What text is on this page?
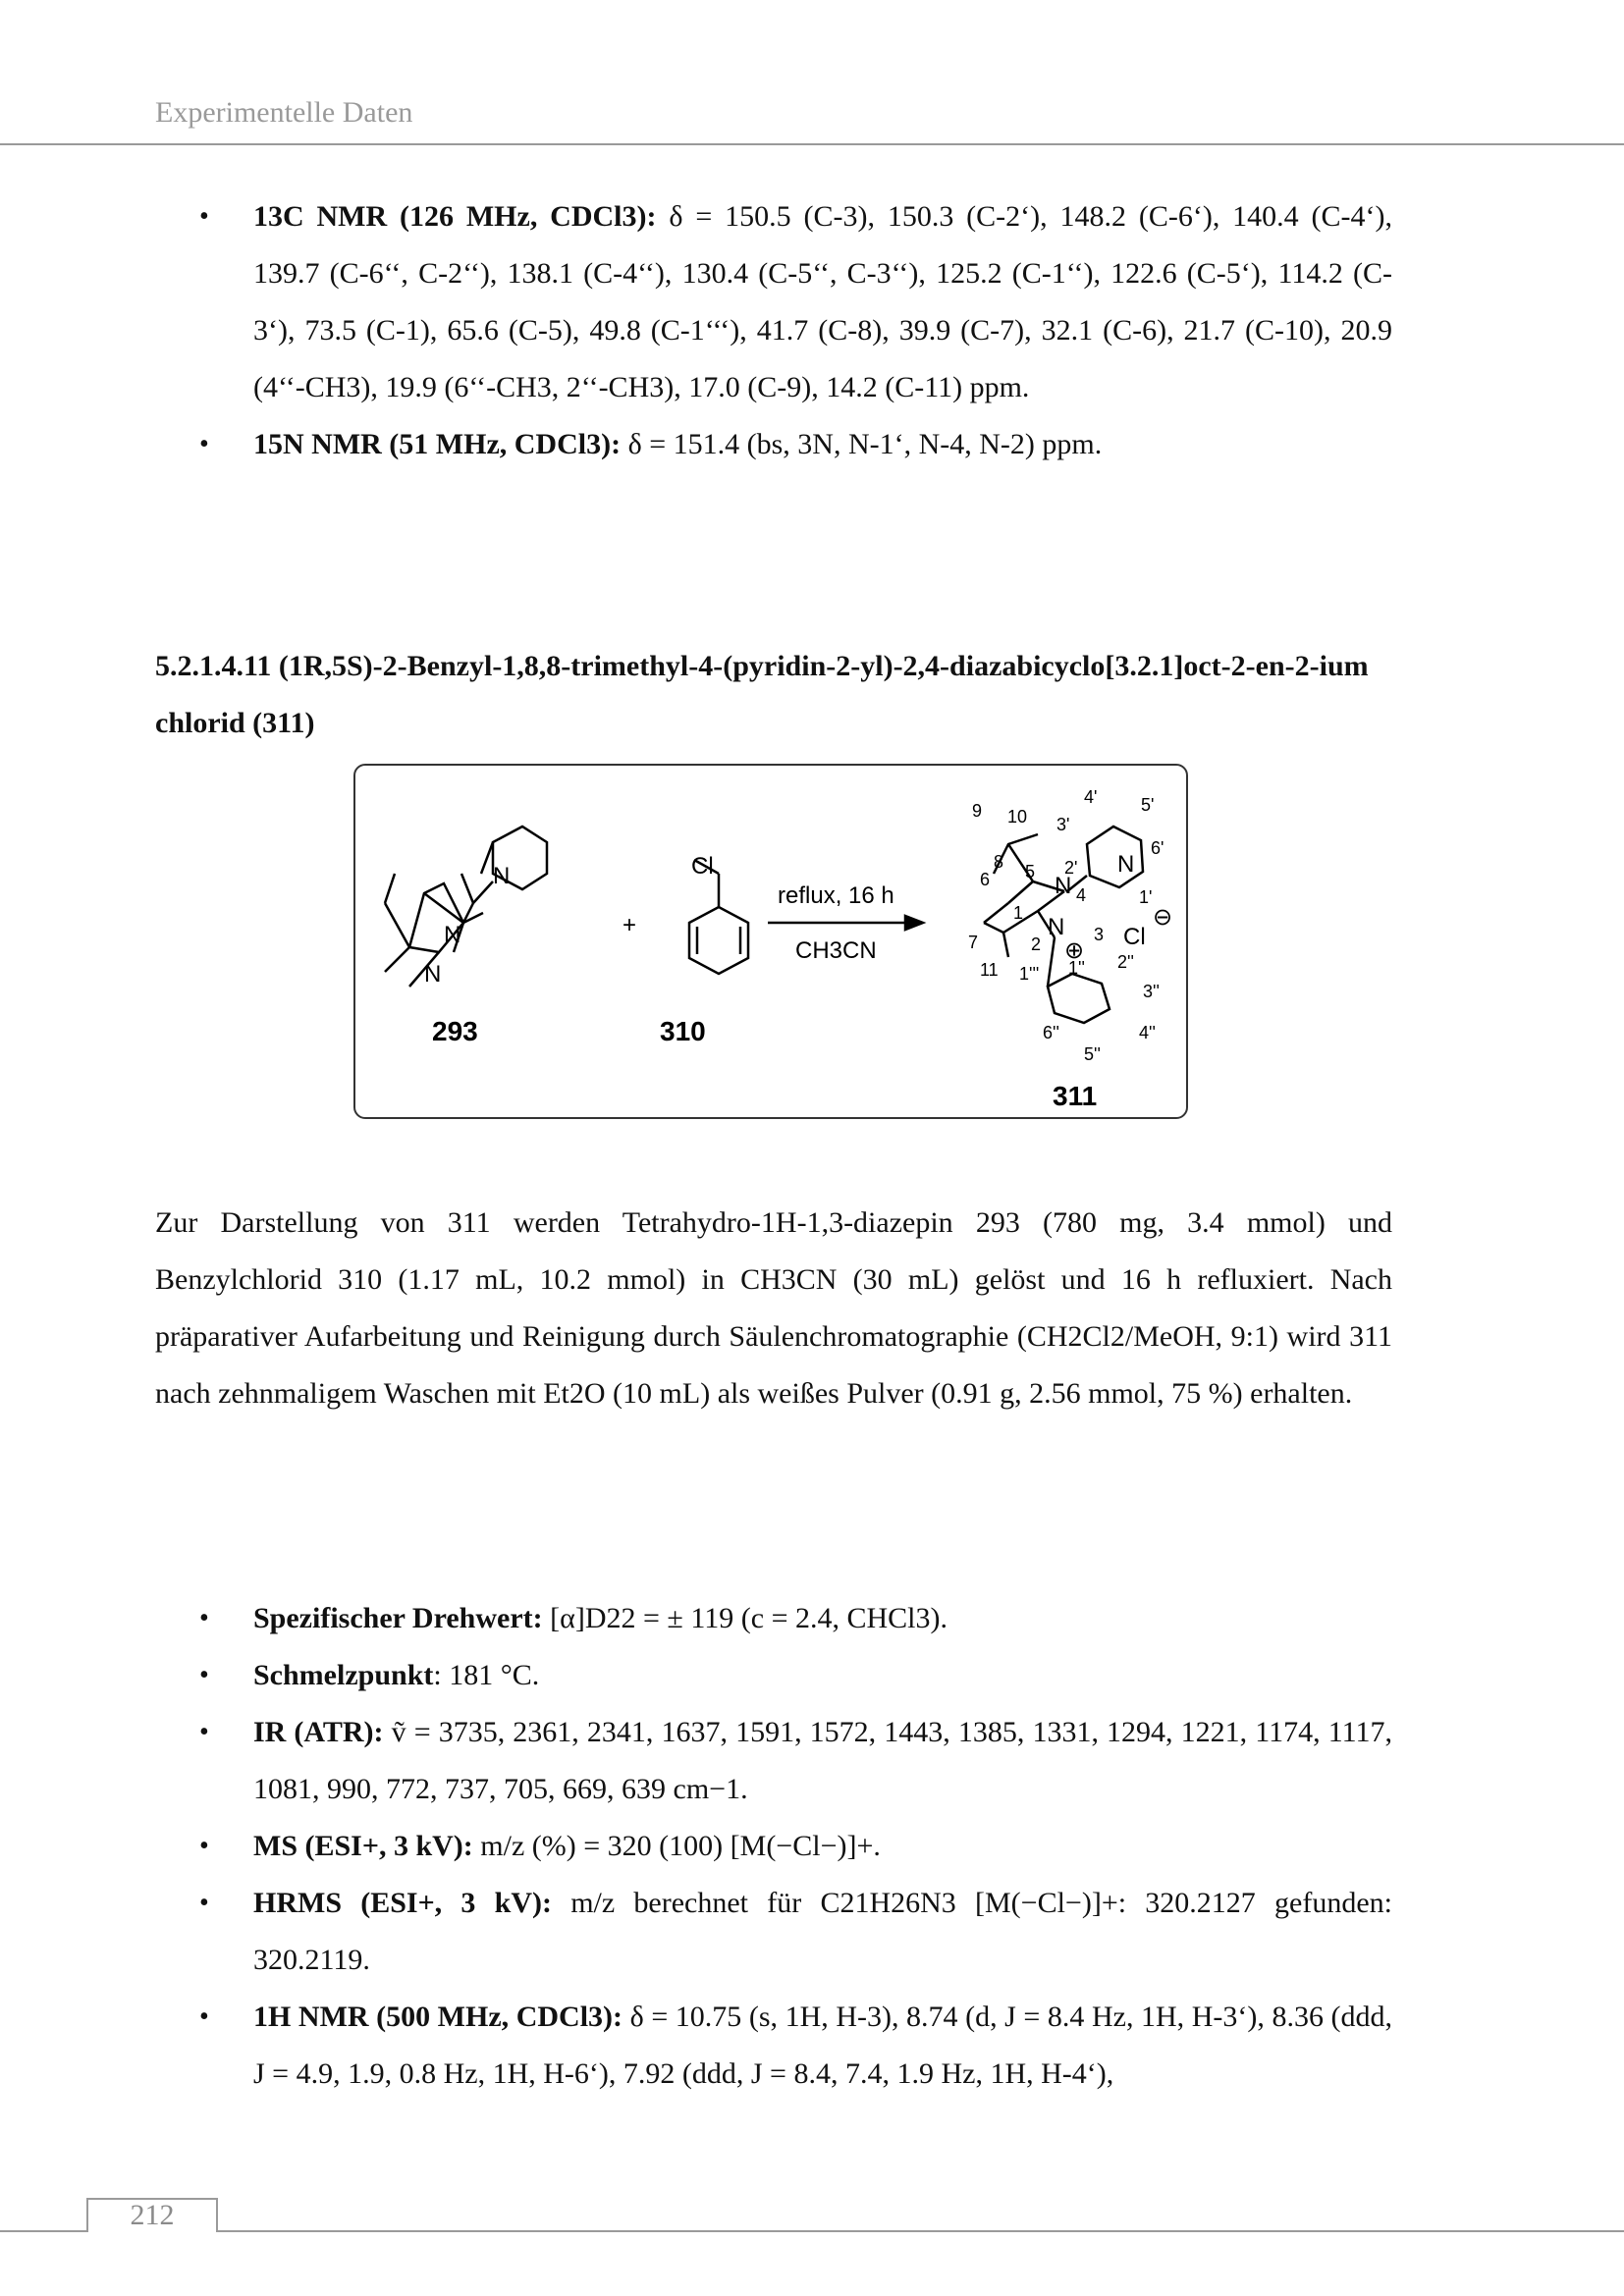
Experimentelle Daten
• 13C NMR (126 MHz, CDCl3): δ = 150.5 (C-3), 150.3 (C-2‘), 148.2 (C-6‘), 140.4 (C-4‘), 139.7 (C-6‘‘, C-2‘‘), 138.1 (C-4‘‘), 130.4 (C-5‘‘, C-3‘‘), 125.2 (C-1‘‘), 122.6 (C-5‘), 114.2 (C-3‘), 73.5 (C-1), 65.6 (C-5), 49.8 (C-1‘‘‘), 41.7 (C-8), 39.9 (C-7), 32.1 (C-6), 21.7 (C-10), 20.9 (4‘‘-CH3), 19.9 (6‘‘-CH3, 2‘‘-CH3), 17.0 (C-9), 14.2 (C-11) ppm.
• 15N NMR (51 MHz, CDCl3): δ = 151.4 (bs, 3N, N-1‘, N-4, N-2) ppm.
5.2.1.4.11 (1R,5S)-2-Benzyl-1,8,8-trimethyl-4-(pyridin-2-yl)-2,4-diazabicyclo[3.2.1]oct-2-en-2-ium chlorid (311)
N
N
N
+
Cl
reflux, 16 h
CH3CN
N
N
N
Cl
⊕
⊖
9 10
8
6 5
1
7
11
2	3
4
2'
3'
4' 5'
6'
1'
1''' 1'' 2''
3''
4''
5''
6''
293	310
311
Zur Darstellung von 311 werden Tetrahydro-1H-1,3-diazepin 293 (780 mg, 3.4 mmol) und Benzylchlorid 310 (1.17 mL, 10.2 mmol) in CH3CN (30 mL) gelöst und 16 h refluxiert. Nach präparativer Aufarbeitung und Reinigung durch Säulenchromatographie (CH2Cl2/MeOH, 9:1) wird 311 nach zehnmaligem Waschen mit Et2O (10 mL) als weißes Pulver (0.91 g, 2.56 mmol, 75 %) erhalten.
• Spezifischer Drehwert: [α]D22 = ± 119 (c = 2.4, CHCl3).
• Schmelzpunkt: 181 °C.
• IR (ATR): ṽ = 3735, 2361, 2341, 1637, 1591, 1572, 1443, 1385, 1331, 1294, 1221, 1174, 1117, 1081, 990, 772, 737, 705, 669, 639 cm−1.
• MS (ESI+, 3 kV): m/z (%) = 320 (100) [M(−Cl−)]+.
• HRMS (ESI+, 3 kV): m/z berechnet für C21H26N3 [M(−Cl−)]+: 320.2127 gefunden: 320.2119.
• 1H NMR (500 MHz, CDCl3): δ = 10.75 (s, 1H, H-3), 8.74 (d, J = 8.4 Hz, 1H, H-3‘), 8.36 (ddd, J = 4.9, 1.9, 0.8 Hz, 1H, H-6‘), 7.92 (ddd, J = 8.4, 7.4, 1.9 Hz, 1H, H-4‘),
212
